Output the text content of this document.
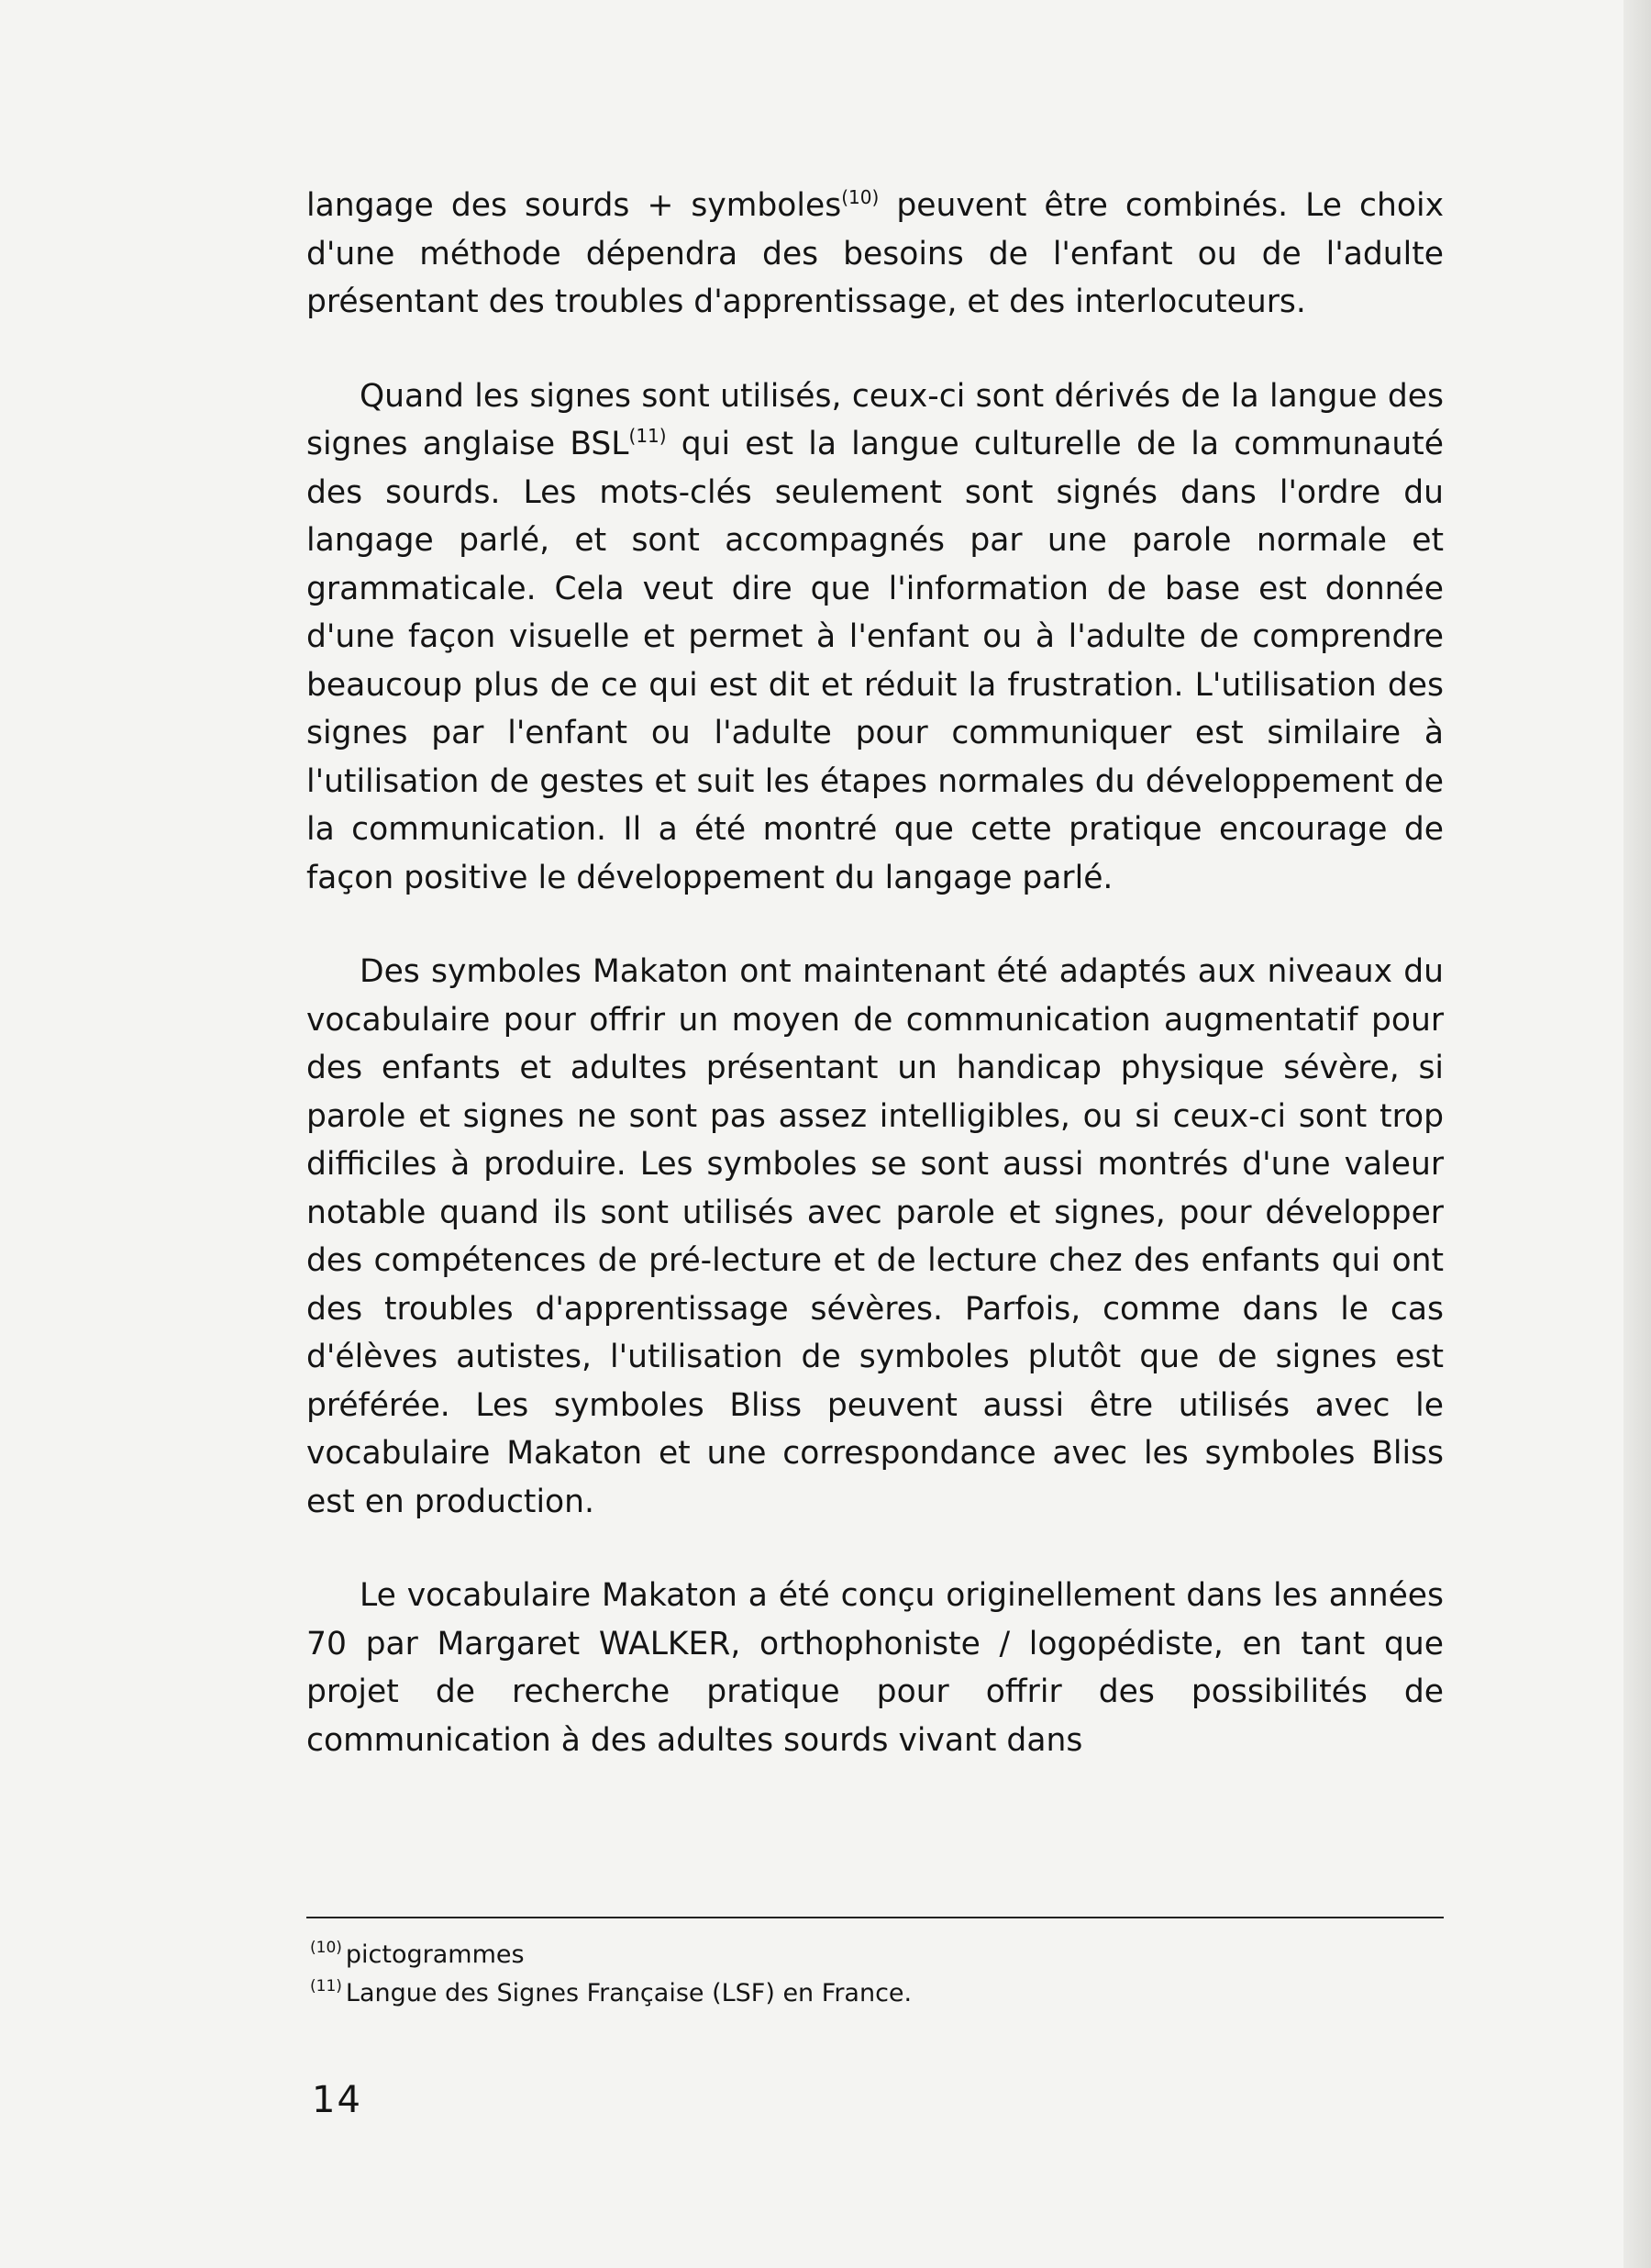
langage des sourds + symboles$^{(10)}$ peuvent être combinés. Le choix d'une méthode dépendra des besoins de l'enfant ou de l'adulte présentant des troubles d'apprentissage, et des interlocuteurs.

Quand les signes sont utilisés, ceux-ci sont dérivés de la langue des signes anglaise BSL$^{(11)}$ qui est la langue culturelle de la communauté des sourds. Les mots-clés seulement sont signés dans l'ordre du langage parlé, et sont accompagnés par une parole normale et grammaticale. Cela veut dire que l'information de base est donnée d'une façon visuelle et permet à l'enfant ou à l'adulte de comprendre beaucoup plus de ce qui est dit et réduit la frustration. L'utilisation des signes par l'enfant ou l'adulte pour communiquer est similaire à l'utilisation de gestes et suit les étapes normales du développement de la communication. Il a été montré que cette pratique encourage de façon positive le développement du langage parlé.

Des symboles Makaton ont maintenant été adaptés aux niveaux du vocabulaire pour offrir un moyen de communication augmentatif pour des enfants et adultes présentant un handicap physique sévère, si parole et signes ne sont pas assez intelligibles, ou si ceux-ci sont trop difficiles à produire. Les symboles se sont aussi montrés d'une valeur notable quand ils sont utilisés avec parole et signes, pour développer des compétences de pré-lecture et de lecture chez des enfants qui ont des troubles d'apprentissage sévères. Parfois, comme dans le cas d'élèves autistes, l'utilisation de symboles plutôt que de signes est préférée. Les symboles Bliss peuvent aussi être utilisés avec le vocabulaire Makaton et une correspondance avec les symboles Bliss est en production.

Le vocabulaire Makaton a été conçu originellement dans les années 70 par Margaret WALKER, orthophoniste / logopédiste, en tant que projet de recherche pratique pour offrir des possibilités de communication à des adultes sourds vivant dans

$^{(10)}$ pictogrammes

$^{(11)}$ Langue des Signes Française (LSF) en France.

14
